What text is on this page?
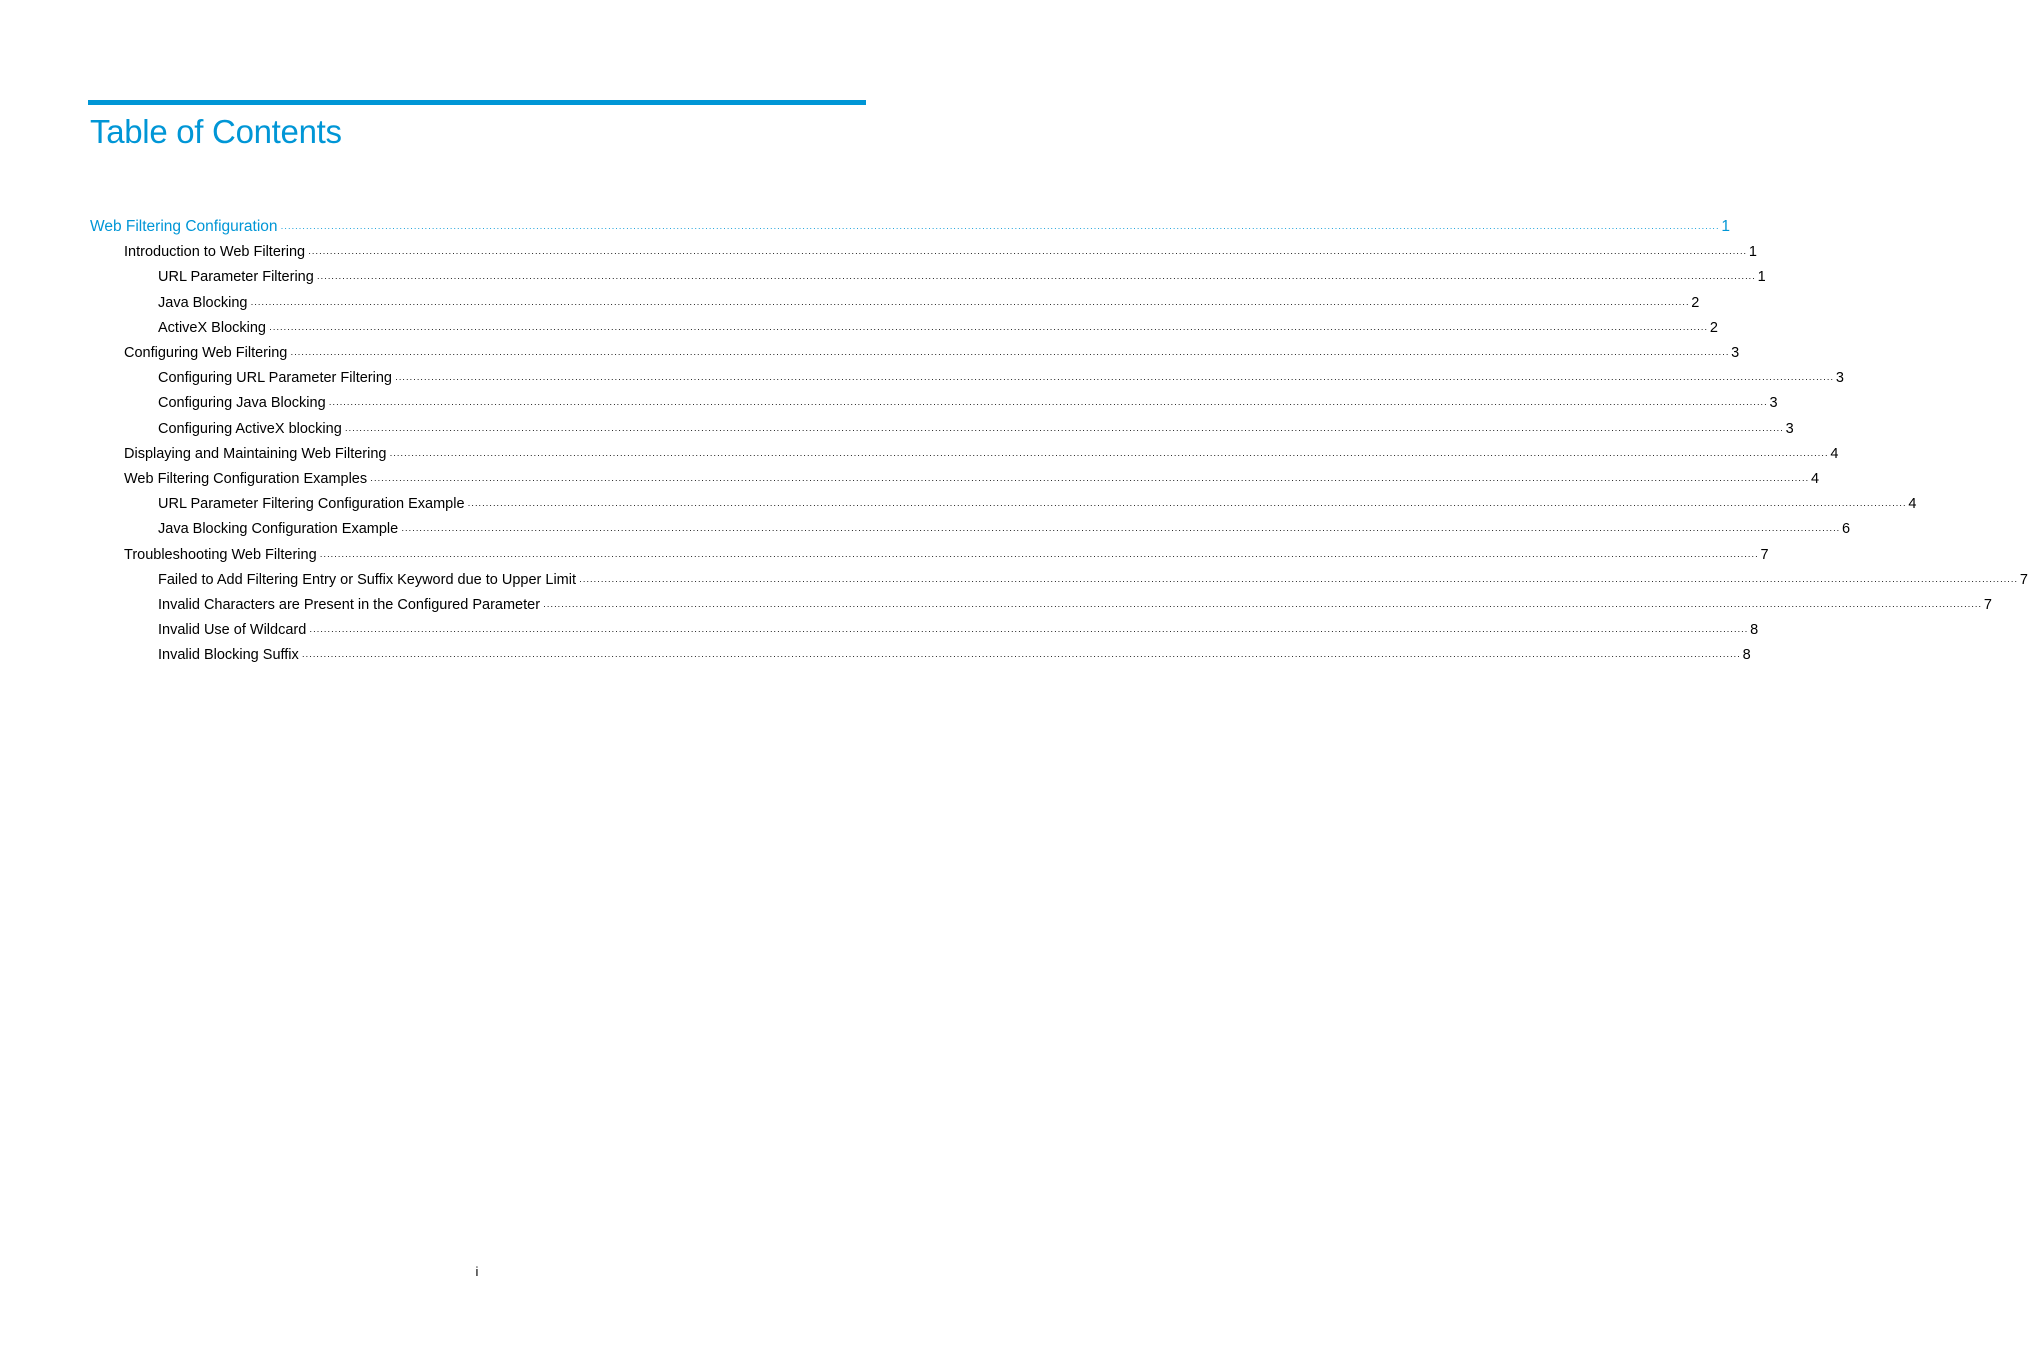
Table of Contents
Web Filtering Configuration ················································································································································································································································································································································································································ 1
Introduction to Web Filtering ················································································································································································································································································································································································································ 1
URL Parameter Filtering ················································································································································································································································································································································································································ 1
Java Blocking ················································································································································································································································································································································································································ 2
ActiveX Blocking ················································································································································································································································································································································································································ 2
Configuring Web Filtering ················································································································································································································································································································································································································ 3
Configuring URL Parameter Filtering ················································································································································································································································································································································································································ 3
Configuring Java Blocking ················································································································································································································································································································································································································ 3
Configuring ActiveX blocking ················································································································································································································································································································································································································ 3
Displaying and Maintaining Web Filtering ················································································································································································································································································································································································································ 4
Web Filtering Configuration Examples ················································································································································································································································································································································································································ 4
URL Parameter Filtering Configuration Example ················································································································································································································································································································································································································ 4
Java Blocking Configuration Example ················································································································································································································································································································································································································ 6
Troubleshooting Web Filtering ················································································································································································································································································································································································································ 7
Failed to Add Filtering Entry or Suffix Keyword due to Upper Limit ················································································································································································································································································································································································································ 7
Invalid Characters are Present in the Configured Parameter ················································································································································································································································································································································································································ 7
Invalid Use of Wildcard ················································································································································································································································································································································································································ 8
Invalid Blocking Suffix ················································································································································································································································································································································································································ 8
i
